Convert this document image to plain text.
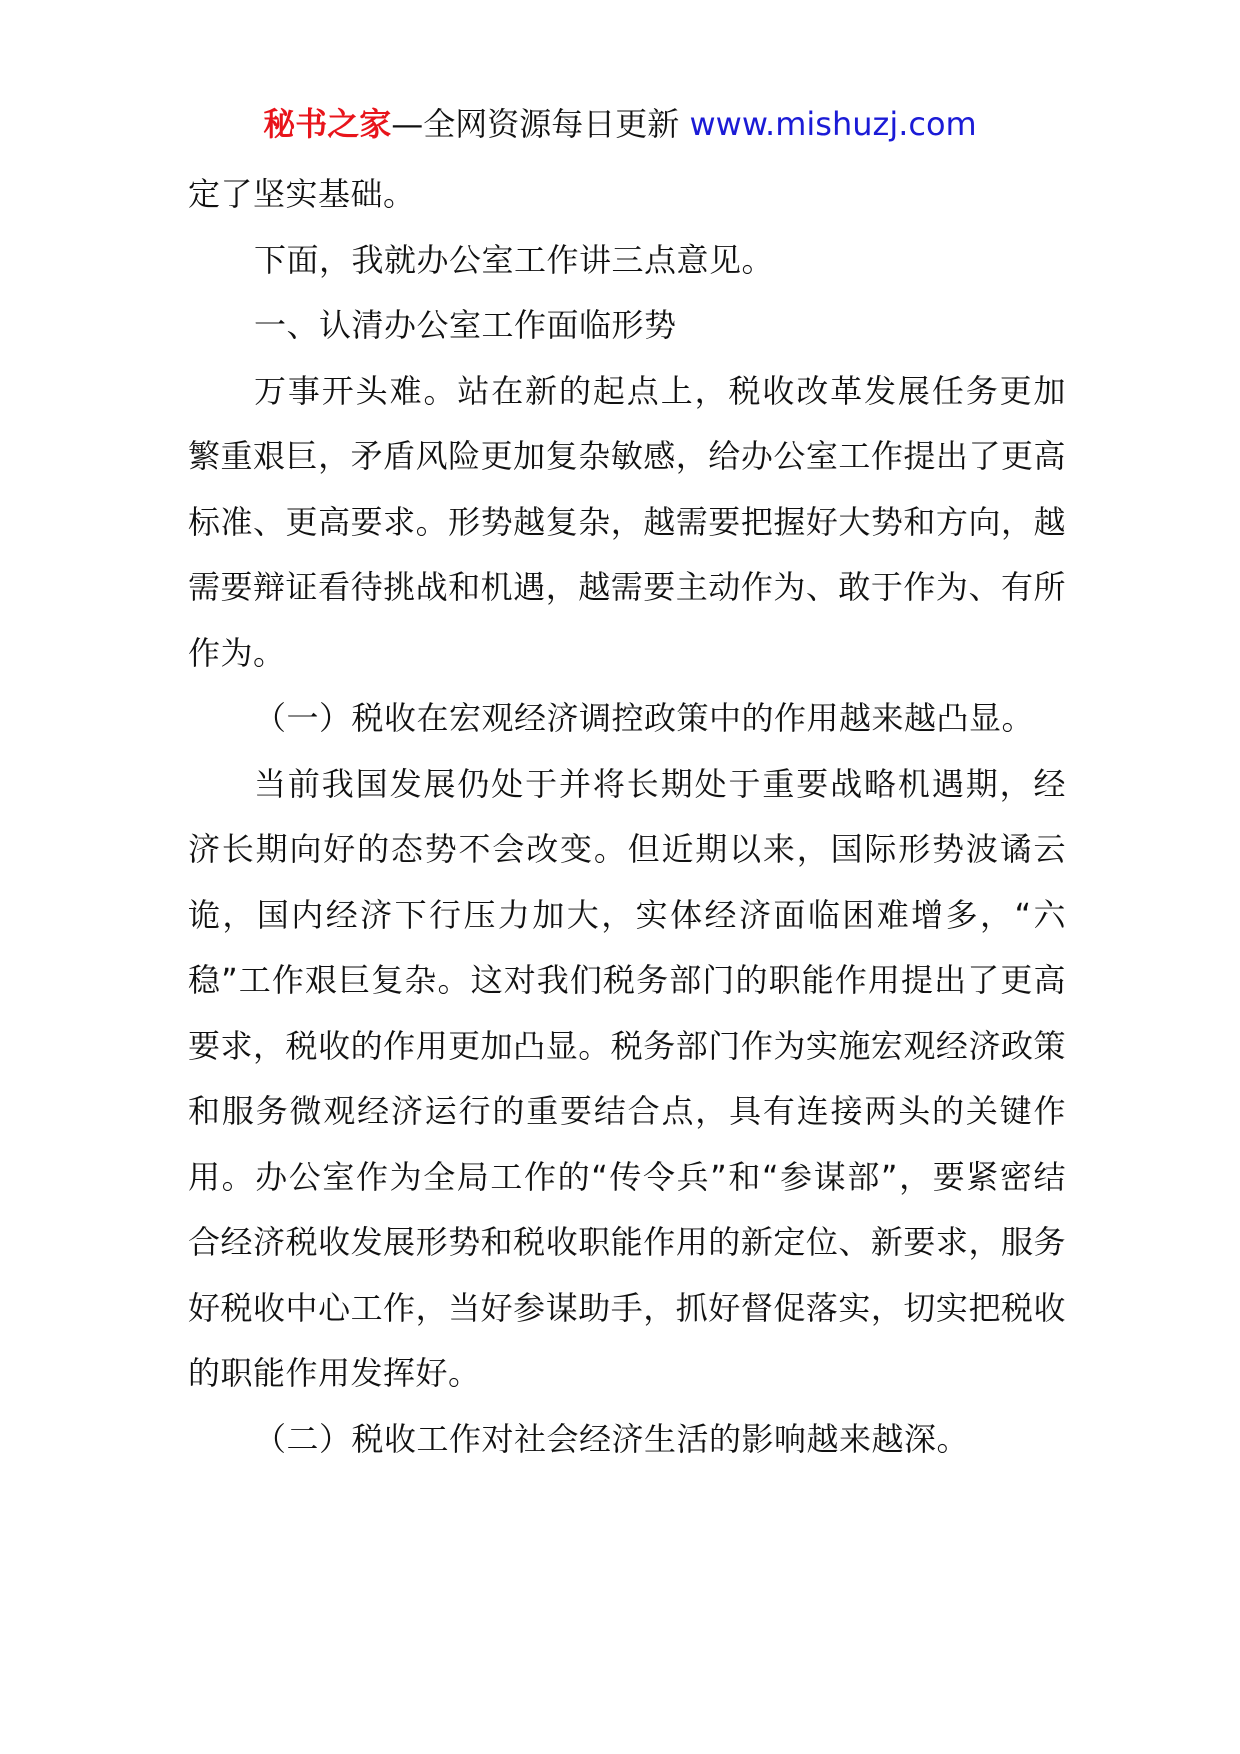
秘书之家—全网资源每日更新 www.mishuzj.com

定了坚实基础。

下面，我就办公室工作讲三点意见。

一、认清办公室工作面临形势

万事开头难。站在新的起点上，税收改革发展任务更加繁重艰巨，矛盾风险更加复杂敏感，给办公室工作提出了更高标准、更高要求。形势越复杂，越需要把握好大势和方向，越需要辩证看待挑战和机遇，越需要主动作为、敢于作为、有所作为。

（一）税收在宏观经济调控政策中的作用越来越凸显。

当前我国发展仍处于并将长期处于重要战略机遇期，经济长期向好的态势不会改变。但近期以来，国际形势波谲云诡，国内经济下行压力加大，实体经济面临困难增多，“六稳”工作艰巨复杂。这对我们税务部门的职能作用提出了更高要求，税收的作用更加凸显。税务部门作为实施宏观经济政策和服务微观经济运行的重要结合点，具有连接两头的关键作用。办公室作为全局工作的“传令兵”和“参谋部”，要紧密结合经济税收发展形势和税收职能作用的新定位、新要求，服务好税收中心工作，当好参谋助手，抓好督促落实，切实把税收的职能作用发挥好。

（二）税收工作对社会经济生活的影响越来越深。
